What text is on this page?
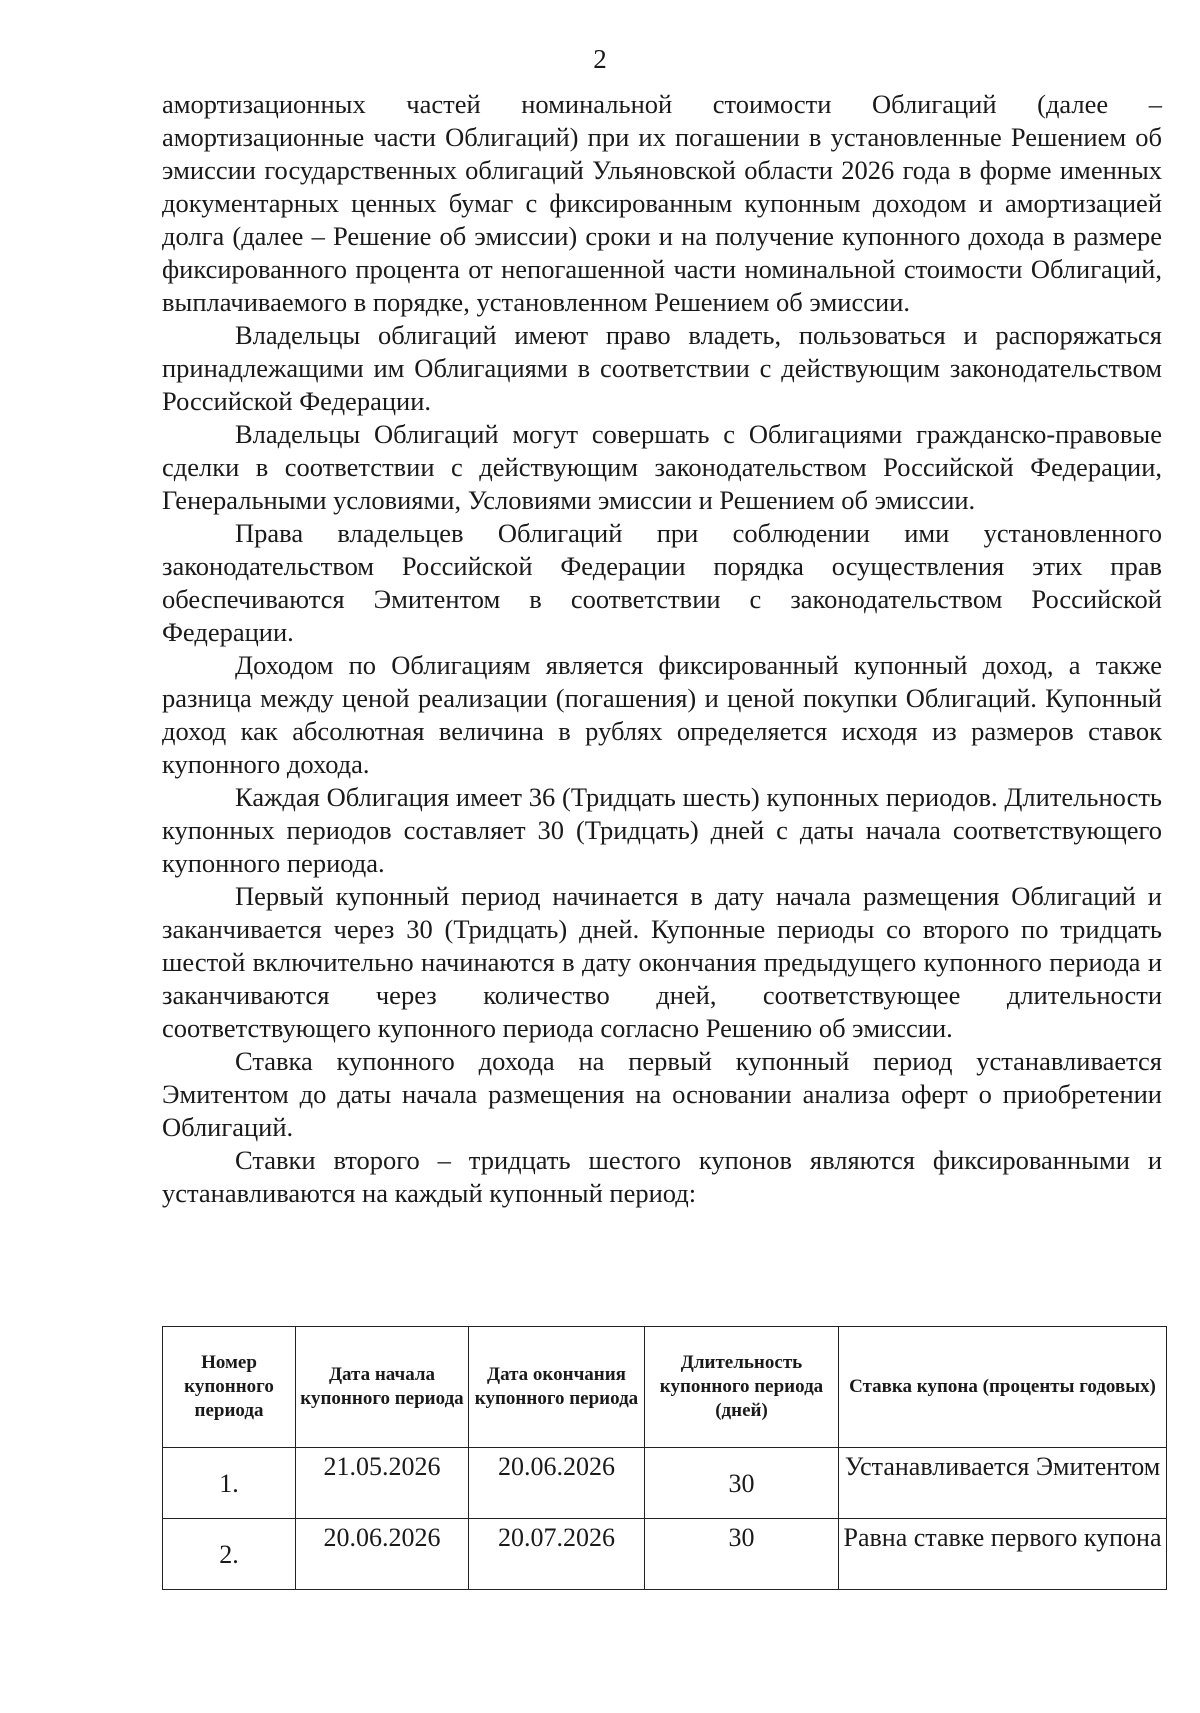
2

амортизационных частей номинальной стоимости Облигаций (далее – амортизационные части Облигаций) при их погашении в установленные Решением об эмиссии государственных облигаций Ульяновской области 2026 года в форме именных документарных ценных бумаг с фиксированным купонным доходом и амортизацией долга (далее – Решение об эмиссии) сроки и на получение купонного дохода в размере фиксированного процента от непогашенной части номинальной стоимости Облигаций, выплачиваемого в порядке, установленном Решением об эмиссии.

Владельцы облигаций имеют право владеть, пользоваться и распоряжаться принадлежащими им Облигациями в соответствии с действующим законодательством Российской Федерации.

Владельцы Облигаций могут совершать с Облигациями гражданско-правовые сделки в соответствии с действующим законодательством Российской Федерации, Генеральными условиями, Условиями эмиссии и Решением об эмиссии.

Права владельцев Облигаций при соблюдении ими установленного законодательством Российской Федерации порядка осуществления этих прав обеспечиваются Эмитентом в соответствии с законодательством Российской Федерации.

Доходом по Облигациям является фиксированный купонный доход, а также разница между ценой реализации (погашения) и ценой покупки Облигаций. Купонный доход как абсолютная величина в рублях определяется исходя из размеров ставок купонного дохода.

Каждая Облигация имеет 36 (Тридцать шесть) купонных периодов. Длительность купонных периодов составляет 30 (Тридцать) дней с даты начала соответствующего купонного периода.

Первый купонный период начинается в дату начала размещения Облигаций и заканчивается через 30 (Тридцать) дней. Купонные периоды со второго по тридцать шестой включительно начинаются в дату окончания предыдущего купонного периода и заканчиваются через количество дней, соответствующее длительности соответствующего купонного периода согласно Решению об эмиссии.

Ставка купонного дохода на первый купонный период устанавливается Эмитентом до даты начала размещения на основании анализа оферт о приобретении Облигаций.

Ставки второго – тридцать шестого купонов являются фиксированными и устанавливаются на каждый купонный период:

Номер купонного периода	Дата начала купонного периода	Дата окончания купонного периода	Длительность купонного периода (дней)	Ставка купона (проценты годовых)
1.	21.05.2026	20.06.2026	30	Устанавливается Эмитентом
2.	20.06.2026	20.07.2026	30	Равна ставке первого купона
